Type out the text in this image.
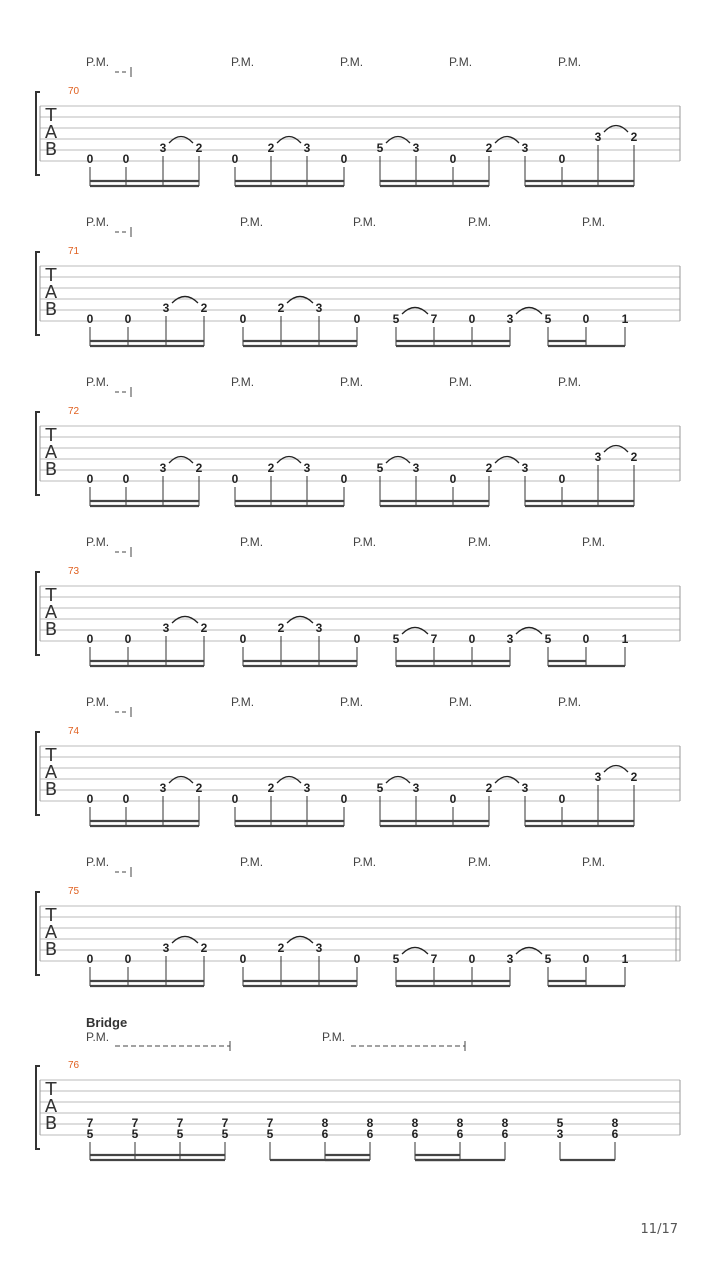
T
A
B
70
P.M.	P.M.	P.M.	P.M.	P.M.
0 0
3 2
0
2 3
0
5 3
0
2 3
0
3 2
T
A
B
71
P.M.	P.M.	P.M.	P.M.	P.M.
0	0
3	2
0
2	3
0	5	7	0	3	5	0	1
T
A
B
72
P.M.	P.M.	P.M.	P.M.	P.M.
0 0
3 2
0
2 3
0
5 3
0
2 3
0
3 2
T
A
B
73
P.M.	P.M.	P.M.	P.M.	P.M.
0	0
3	2
0
2	3
0	5	7	0	3	5	0	1
T
A
B
74
P.M.	P.M.	P.M.	P.M.	P.M.
0 0
3 2
0
2 3
0
5 3
0
2 3
0
3 2
T
A
B
75
P.M.	P.M.	P.M.	P.M.	P.M.
0	0
3	2
0
2	3
0	5	7	0	3	5	0	1
T
A
B
76
Bridge
P.M.	P.M.
7
5
7
5
7
5
7
5
7
5
8
6
8
6
8
6
8
6
8
6
5
3
8
6
11/17
